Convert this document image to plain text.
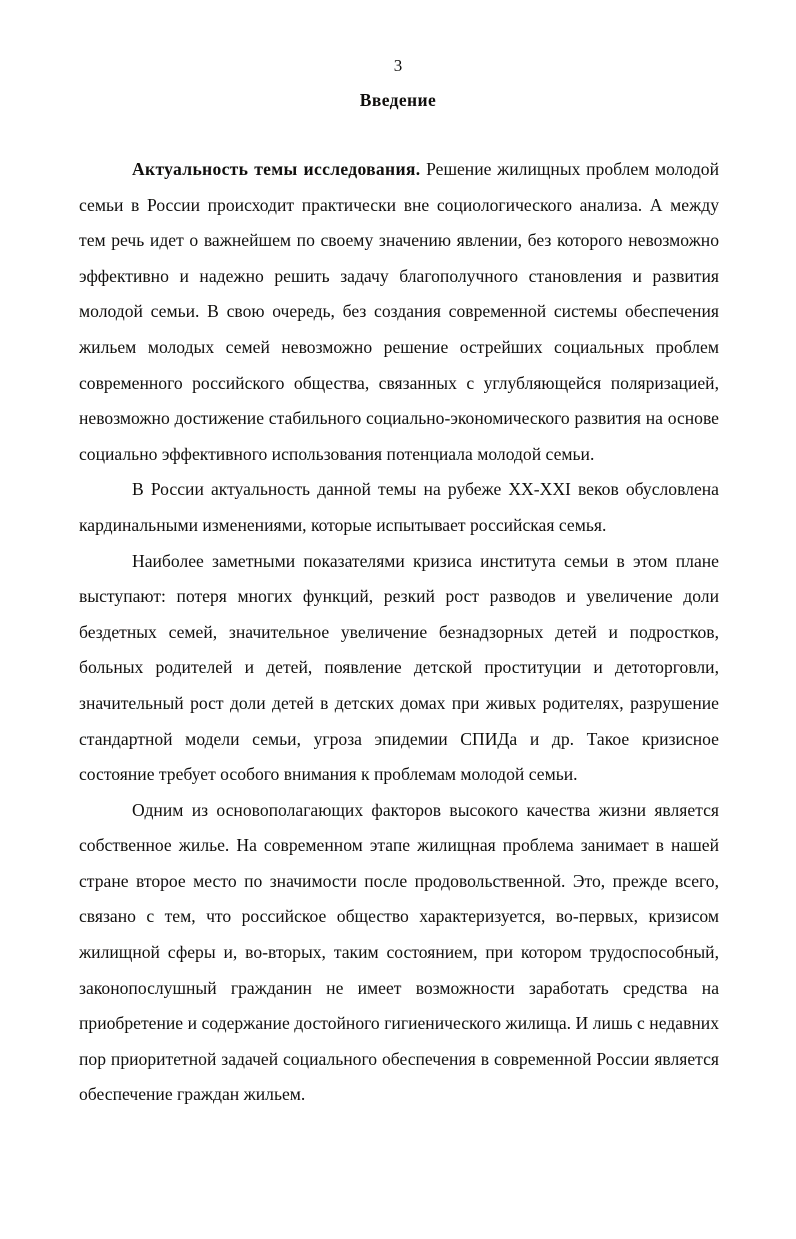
3
Введение

Актуальность темы исследования. Решение жилищных проблем молодой семьи в России происходит практически вне социологического анализа. А между тем речь идет о важнейшем по своему значению явлении, без которого невозможно эффективно и надежно решить задачу благополучного становления и развития молодой семьи. В свою очередь, без создания современной системы обеспечения жильем молодых семей невозможно решение острейших социальных проблем современного российского общества, связанных с углубляющейся поляризацией, невозможно достижение стабильного социально-экономического развития на основе социально эффективного использования потенциала молодой семьи.

В России актуальность данной темы на рубеже XX-XXI веков обусловлена кардинальными изменениями, которые испытывает российская семья.

Наиболее заметными показателями кризиса института семьи в этом плане выступают: потеря многих функций, резкий рост разводов и увеличение доли бездетных семей, значительное увеличение безнадзорных детей и подростков, больных родителей и детей, появление детской проституции и детоторговли, значительный рост доли детей в детских домах при живых родителях, разрушение стандартной модели семьи, угроза эпидемии СПИДа и др. Такое кризисное состояние требует особого внимания к проблемам молодой семьи.

Одним из основополагающих факторов высокого качества жизни является собственное жилье. На современном этапе жилищная проблема занимает в нашей стране второе место по значимости после продовольственной. Это, прежде всего, связано с тем, что российское общество характеризуется, во-первых, кризисом жилищной сферы и, во-вторых, таким состоянием, при котором трудоспособный, законопослушный гражданин не имеет возможности заработать средства на приобретение и содержание достойного гигиенического жилища. И лишь с недавних пор приоритетной задачей социального обеспечения в современной России является обеспечение граждан жильем.
